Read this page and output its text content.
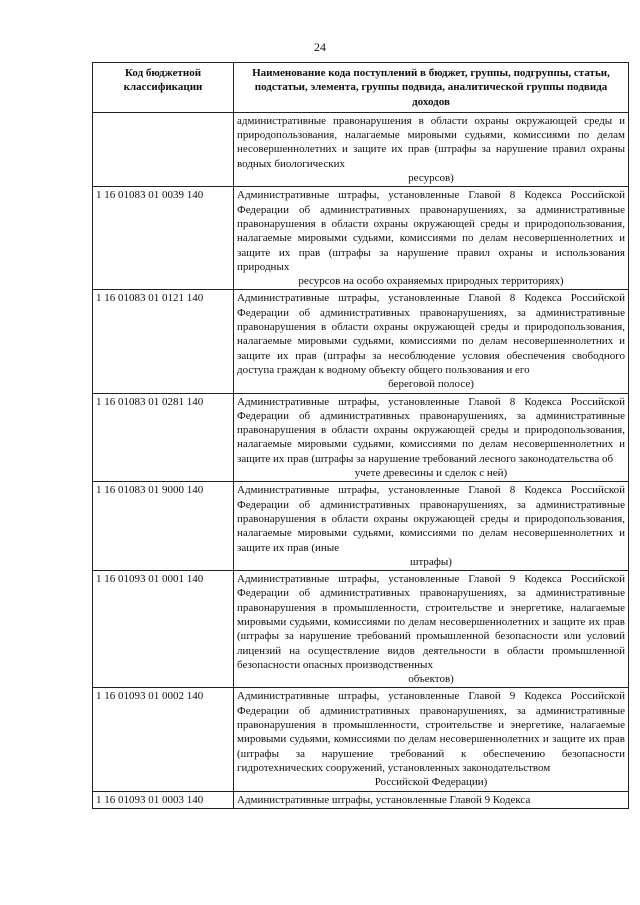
24
Код бюджетной классификации	Наименование кода поступлений в бюджет, группы, подгруппы, статьи, подстатьи, элемента, группы подвида, аналитической группы подвида доходов
	административные правонарушения в области охраны окружающей среды и природопользования, налагаемые мировыми судьями, комиссиями по делам несовершеннолетних и защите их прав (штрафы за нарушение правил охраны водных биологических
ресурсов)

1 16 01083 01 0039 140	Административные штрафы, установленные Главой 8 Кодекса Российской Федерации об административных правонарушениях, за административные правонарушения в области охраны окружающей среды и природопользования, налагаемые мировыми судьями, комиссиями по делам несовершеннолетних и защите их прав (штрафы за нарушение правил охраны и использования природных
ресурсов на особо охраняемых природных территориях)

1 16 01083 01 0121 140	Административные штрафы, установленные Главой 8 Кодекса Российской Федерации об административных правонарушениях, за административные правонарушения в области охраны окружающей среды и природопользования, налагаемые мировыми судьями, комиссиями по делам несовершеннолетних и защите их прав (штрафы за несоблюдение условия обеспечения свободного доступа граждан к водному объекту общего пользования и его
береговой полосе)

1 16 01083 01 0281 140	Административные штрафы, установленные Главой 8 Кодекса Российской Федерации об административных правонарушениях, за административные правонарушения в области охраны окружающей среды и природопользования, налагаемые мировыми судьями, комиссиями по делам несовершеннолетних и защите их прав (штрафы за нарушение требований лесного законодательства об
учете древесины и сделок с ней)

1 16 01083 01 9000 140	Административные штрафы, установленные Главой 8 Кодекса Российской Федерации об административных правонарушениях, за административные правонарушения в области охраны окружающей среды и природопользования, налагаемые мировыми судьями, комиссиями по делам несовершеннолетних и защите их прав (иные
штрафы)

1 16 01093 01 0001 140	Административные штрафы, установленные Главой 9 Кодекса Российской Федерации об административных правонарушениях, за административные правонарушения в промышленности, строительстве и энергетике, налагаемые мировыми судьями, комиссиями по делам несовершеннолетних и защите их прав (штрафы за нарушение требований промышленной безопасности или условий лицензий на осуществление видов деятельности в области промышленной безопасности опасных производственных
объектов)

1 16 01093 01 0002 140	Административные штрафы, установленные Главой 9 Кодекса Российской Федерации об административных правонарушениях, за административные правонарушения в промышленности, строительстве и энергетике, налагаемые мировыми судьями, комиссиями по делам несовершеннолетних и защите их прав (штрафы за нарушение требований к обеспечению безопасности гидротехнических сооружений, установленных законодательством
Российской Федерации)

1 16 01093 01 0003 140	Административные штрафы, установленные Главой 9 Кодекса
